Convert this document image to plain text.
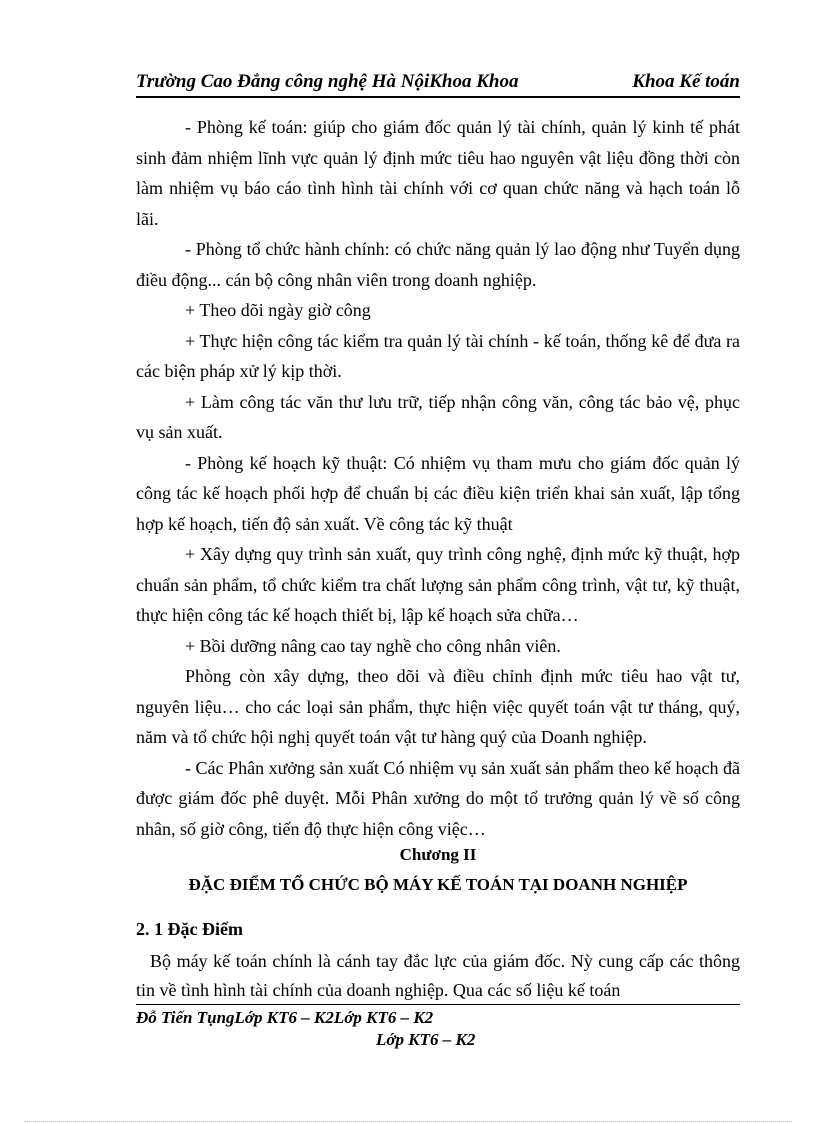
Trường Cao Đẳng công nghệ Hà NộiKhoa Khoa	Khoa Kế toán

- Phòng kế toán: giúp cho giám đốc quản lý tài chính, quản lý kinh tế phát sinh đảm nhiệm lĩnh vực quản lý định mức tiêu hao nguyên vật liệu đồng thời còn làm nhiệm vụ báo cáo tình hình tài chính với cơ quan chức năng và hạch toán lỗ lãi.

- Phòng tổ chức hành chính: có chức năng quản lý lao động như Tuyển dụng điều động... cán bộ công nhân viên trong doanh nghiệp.

+ Theo dõi ngày giờ công

+ Thực hiện công tác kiểm tra quản lý tài chính - kế toán, thống kê để đưa ra các biện pháp xử lý kịp thời.

+ Làm công tác văn thư lưu trữ, tiếp nhận công văn, công tác bảo vệ, phục vụ sản xuất.

- Phòng kế hoạch kỹ thuật: Có nhiệm vụ tham mưu cho giám đốc quản lý công tác kế hoạch phối hợp để chuẩn bị các điều kiện triển khai sản xuất, lập tổng hợp kế hoạch, tiến độ sản xuất. Về công tác kỹ thuật

+ Xây dựng quy trình sản xuất, quy trình công nghệ, định mức kỹ thuật, hợp chuẩn sản phẩm, tổ chức kiểm tra chất lượng sản phẩm công trình, vật tư, kỹ thuật, thực hiện công tác kế hoạch thiết bị, lập kế hoạch sửa chữa…

+ Bồi dưỡng nâng cao tay nghề cho công nhân viên.

Phòng còn xây dựng, theo dõi và điều chỉnh định mức tiêu hao vật tư, nguyên liệu… cho các loại sản phẩm, thực hiện việc quyết toán vật tư tháng, quý, năm và tổ chức hội nghị quyết toán vật tư hàng quý của Doanh nghiệp.

- Các Phân xưởng sản xuất Có nhiệm vụ sản xuất sản phẩm theo kế hoạch đã được giám đốc phê duyệt. Mỗi Phân xưởng do một tổ trưởng quản lý về số công nhân, số giờ công, tiến độ thực hiện công việc…

Chương II
ĐẶC ĐIỂM TỔ CHỨC BỘ MÁY KẾ TOÁN TẠI DOANH NGHIỆP
2. 1 Đặc Điểm

Bộ máy kế toán chính là cánh tay đắc lực của giám đốc. Nỳ cung cấp các thông tin về tình hình tài chính của doanh nghiệp. Qua các số liệu kế toán

Đỗ Tiến TụngLớp KT6 – K2Lớp KT6 – K2
Lớp KT6 – K2
